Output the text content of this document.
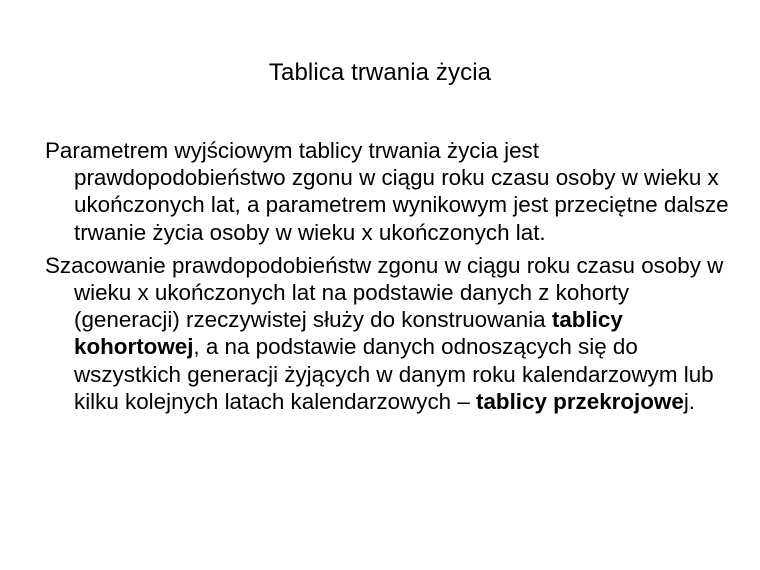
Tablica trwania życia

Parametrem wyjściowym tablicy trwania życia jest prawdopodobieństwo zgonu w ciągu roku czasu osoby w wieku x ukończonych lat, a parametrem wynikowym jest przeciętne dalsze trwanie życia osoby w wieku x ukończonych lat.

Szacowanie prawdopodobieństw zgonu w ciągu roku czasu osoby w wieku x ukończonych lat na podstawie danych z kohorty (generacji) rzeczywistej służy do konstruowania tablicy kohortowej, a na podstawie danych odnoszących się do wszystkich generacji żyjących w danym roku kalendarzowym lub kilku kolejnych latach kalendarzowych – tablicy przekrojowej.
